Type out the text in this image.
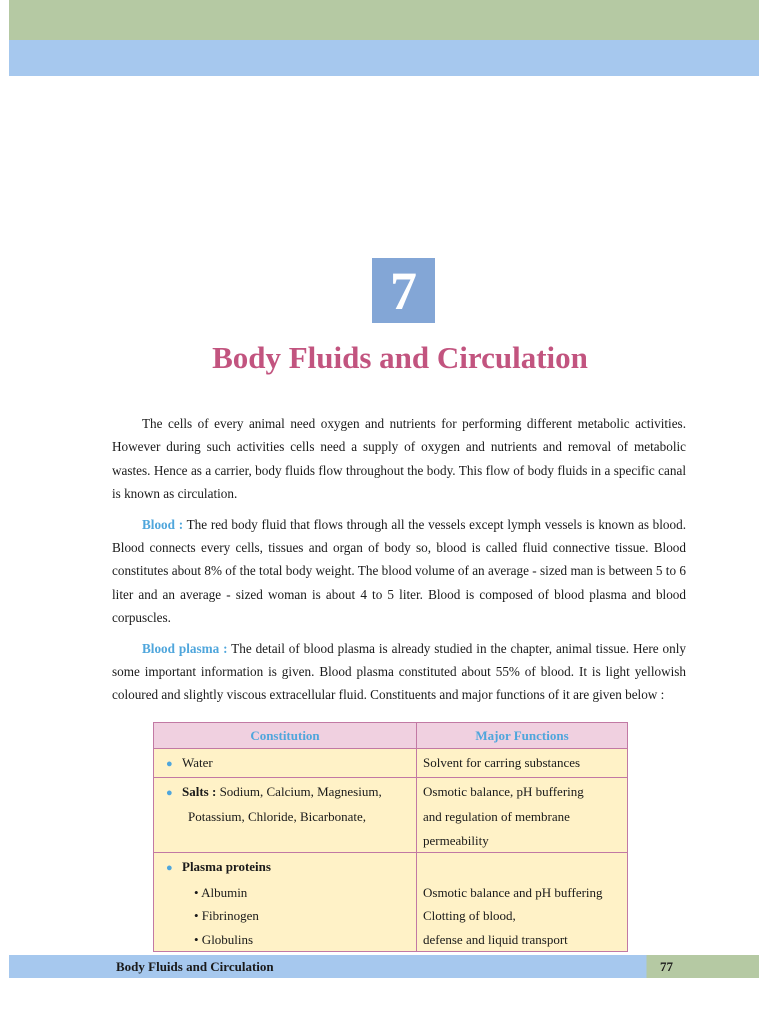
7
Body Fluids and Circulation

The cells of every animal need oxygen and nutrients for performing different metabolic activities. However during such activities cells need a supply of oxygen and nutrients and removal of metabolic wastes. Hence as a carrier, body fluids flow throughout the body. This flow of body fluids in a specific canal is known as circulation.

Blood : The red body fluid that flows through all the vessels except lymph vessels is known as blood. Blood connects every cells, tissues and organ of body so, blood is called fluid connective tissue. Blood constitutes about 8% of the total body weight. The blood volume of an average - sized man is between 5 to 6 liter and an average - sized woman is about 4 to 5 liter. Blood is composed of blood plasma and blood corpuscles.

Blood plasma : The detail of blood plasma is already studied in the chapter, animal tissue. Here only some important information is given. Blood plasma constituted about 55% of blood. It is light yellowish coloured and slightly viscous extracellular fluid. Constituents and major functions of it are given below :

Constitution	Major Functions
● Water	Solvent for carring substances
● Salts : Sodium, Calcium, Magnesium,	Osmotic balance, pH buffering
Potassium, Chloride, Bicarbonate,	and regulation of membrane
	permeability
● Plasma proteins	
• Albumin	Osmotic balance and pH buffering
• Fibrinogen	Clotting of blood,
• Globulins	defense and liquid transport
Body Fluids and Circulation	77
